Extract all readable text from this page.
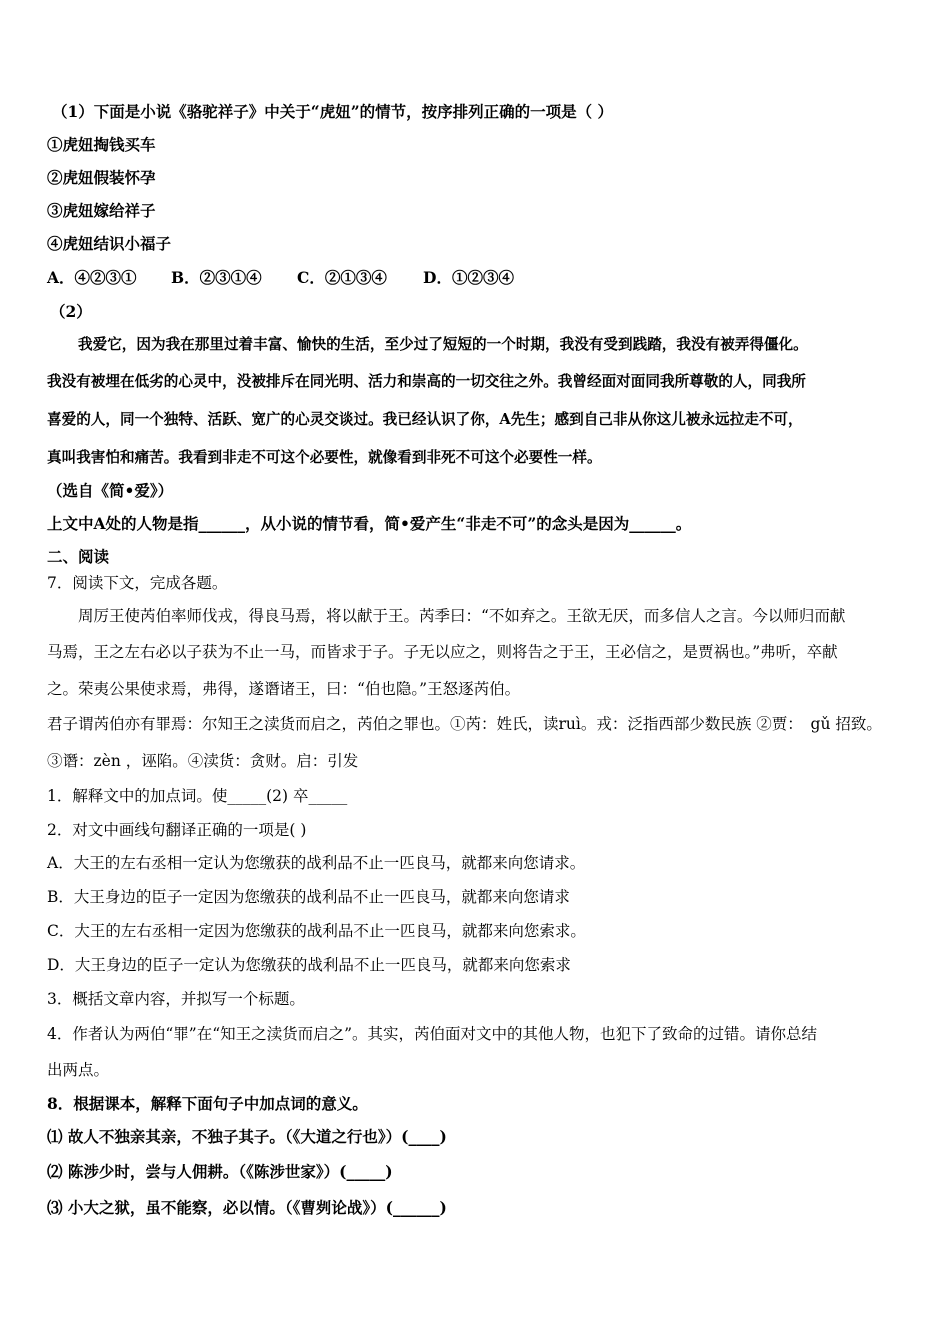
（1）下面是小说《骆驼祥子》中关于“虎妞”的情节，按序排列正确的一项是（ ）
①虎妞掏钱买车
②虎妞假装怀孕
③虎妞嫁给祥子
④虎妞结识小福子
A．④②③① B．②③①④ C．②①③④ D．①②③④
（2）
我爱它，因为我在那里过着丰富、愉快的生活，至少过了短短的一个时期，我没有受到践踏，我没有被弄得僵化。
我没有被埋在低劣的心灵中，没被排斥在同光明、活力和崇高的一切交往之外。我曾经面对面同我所尊敬的人，同我所
喜爱的人，同一个独特、活跃、宽广的心灵交谈过。我已经认识了你，A先生；感到自己非从你这儿被永远拉走不可，
真叫我害怕和痛苦。我看到非走不可这个必要性，就像看到非死不可这个必要性一样。
（选自《简•爱》）
上文中A处的人物是指______，从小说的情节看，简•爱产生“非走不可”的念头是因为______。
二、阅读
7．阅读下文，完成各题。
周厉王使芮伯率师伐戎，得良马焉，将以献于王。芮季曰：“不如弃之。王欲无厌，而多信人之言。今以师归而献
马焉，王之左右必以子获为不止一马，而皆求于子。子无以应之，则将告之于王，王必信之，是贾祸也。”弗听，卒献
之。荣夷公果使求焉，弗得，遂谮诸王，曰：“伯也隐。”王怒逐芮伯。
君子谓芮伯亦有罪焉：尔知王之渎货而启之，芮伯之罪也。①芮：姓氏，读ruì。戎：泛指西部少数民族 ②贾：　gǔ 招致。
③谮：zèn ，诬陷。④渎货：贪财。启：引发
1．解释文中的加点词。使_____(2) 卒_____
2．对文中画线句翻译正确的一项是( )
A．大王的左右丞相一定认为您缴获的战利品不止一匹良马，就都来向您请求。
B．大王身边的臣子一定因为您缴获的战利品不止一匹良马，就都来向您请求
C．大王的左右丞相一定因为您缴获的战利品不止一匹良马，就都来向您索求。
D．大王身边的臣子一定认为您缴获的战利品不止一匹良马，就都来向您索求
3．概括文章内容，并拟写一个标题。
4．作者认为两伯“罪”在“知王之渎货而启之”。其实，芮伯面对文中的其他人物，也犯下了致命的过错。请你总结
出两点。
8．根据课本，解释下面句子中加点词的意义。
⑴ 故人不独亲其亲，不独子其子。（《大道之行也》）(____)
⑵ 陈涉少时，尝与人佣耕。（《陈涉世家》）(_____)
⑶ 小大之狱，虽不能察，必以情。（《曹刿论战》）(______)
